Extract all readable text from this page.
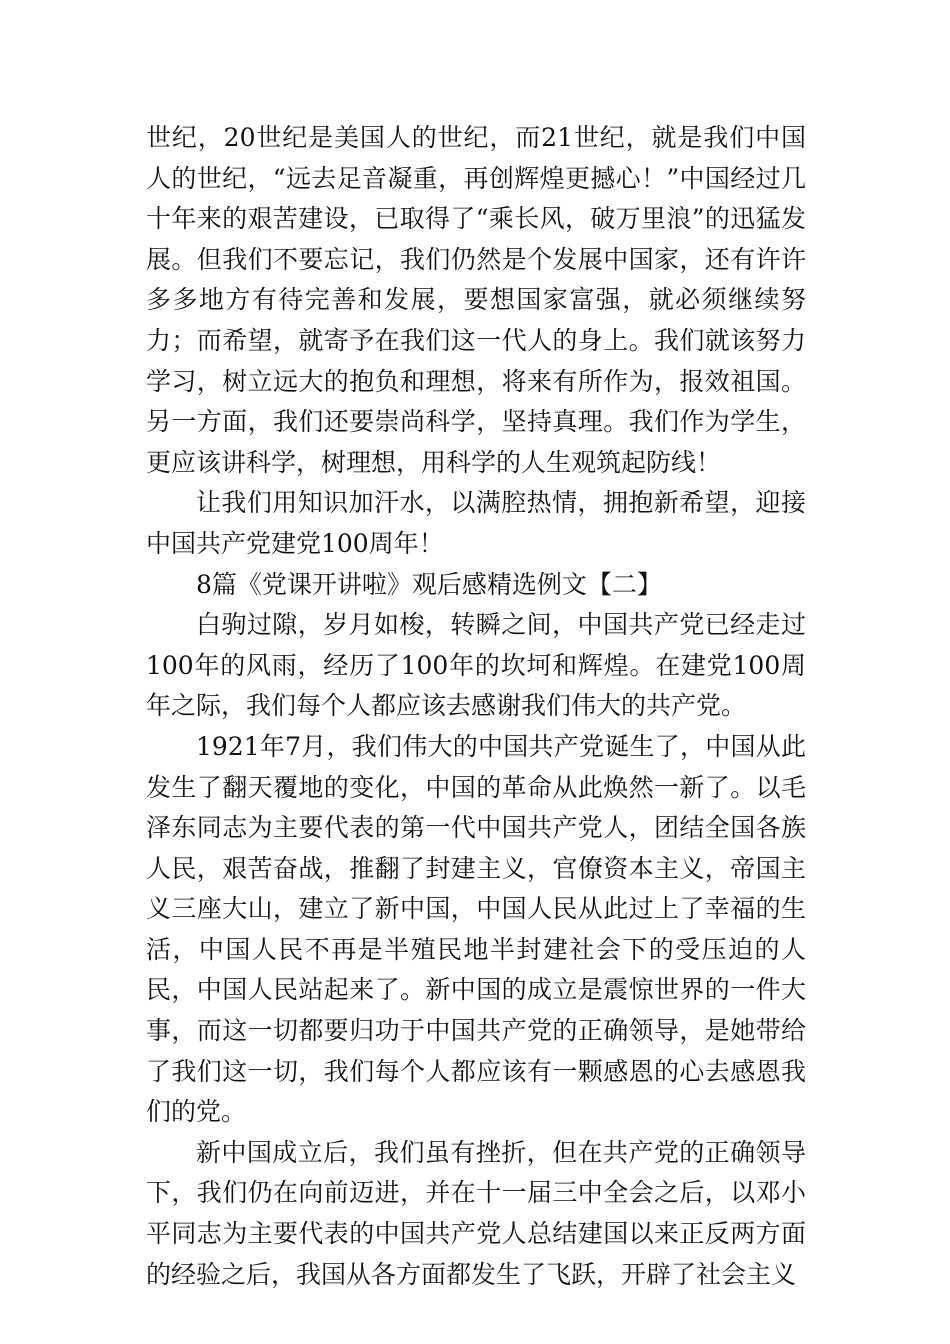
世纪，20世纪是美国人的世纪，而21世纪，就是我们中国人的世纪，“远去足音凝重，再创辉煌更撼心！”中国经过几十年来的艰苦建设，已取得了“乘长风，破万里浪”的迅猛发展。但我们不要忘记，我们仍然是个发展中国家，还有许许多多地方有待完善和发展，要想国家富强，就必须继续努力；而希望，就寄予在我们这一代人的身上。我们就该努力学习，树立远大的抱负和理想，将来有所作为，报效祖国。另一方面，我们还要崇尚科学，坚持真理。我们作为学生，更应该讲科学，树理想，用科学的人生观筑起防线！

让我们用知识加汗水，以满腔热情，拥抱新希望，迎接中国共产党建党100周年！

8篇《党课开讲啦》观后感精选例文【二】

白驹过隙，岁月如梭，转瞬之间，中国共产党已经走过100年的风雨，经历了100年的坎坷和辉煌。在建党100周年之际，我们每个人都应该去感谢我们伟大的共产党。

1921年7月，我们伟大的中国共产党诞生了，中国从此发生了翻天覆地的变化，中国的革命从此焕然一新了。以毛泽东同志为主要代表的第一代中国共产党人，团结全国各族人民，艰苦奋战，推翻了封建主义，官僚资本主义，帝国主义三座大山，建立了新中国，中国人民从此过上了幸福的生活，中国人民不再是半殖民地半封建社会下的受压迫的人民，中国人民站起来了。新中国的成立是震惊世界的一件大事，而这一切都要归功于中国共产党的正确领导，是她带给了我们这一切，我们每个人都应该有一颗感恩的心去感恩我们的党。

新中国成立后，我们虽有挫折，但在共产党的正确领导下，我们仍在向前迈进，并在十一届三中全会之后，以邓小平同志为主要代表的中国共产党人总结建国以来正反两方面的经验之后，我国从各方面都发生了飞跃，开辟了社会主义
